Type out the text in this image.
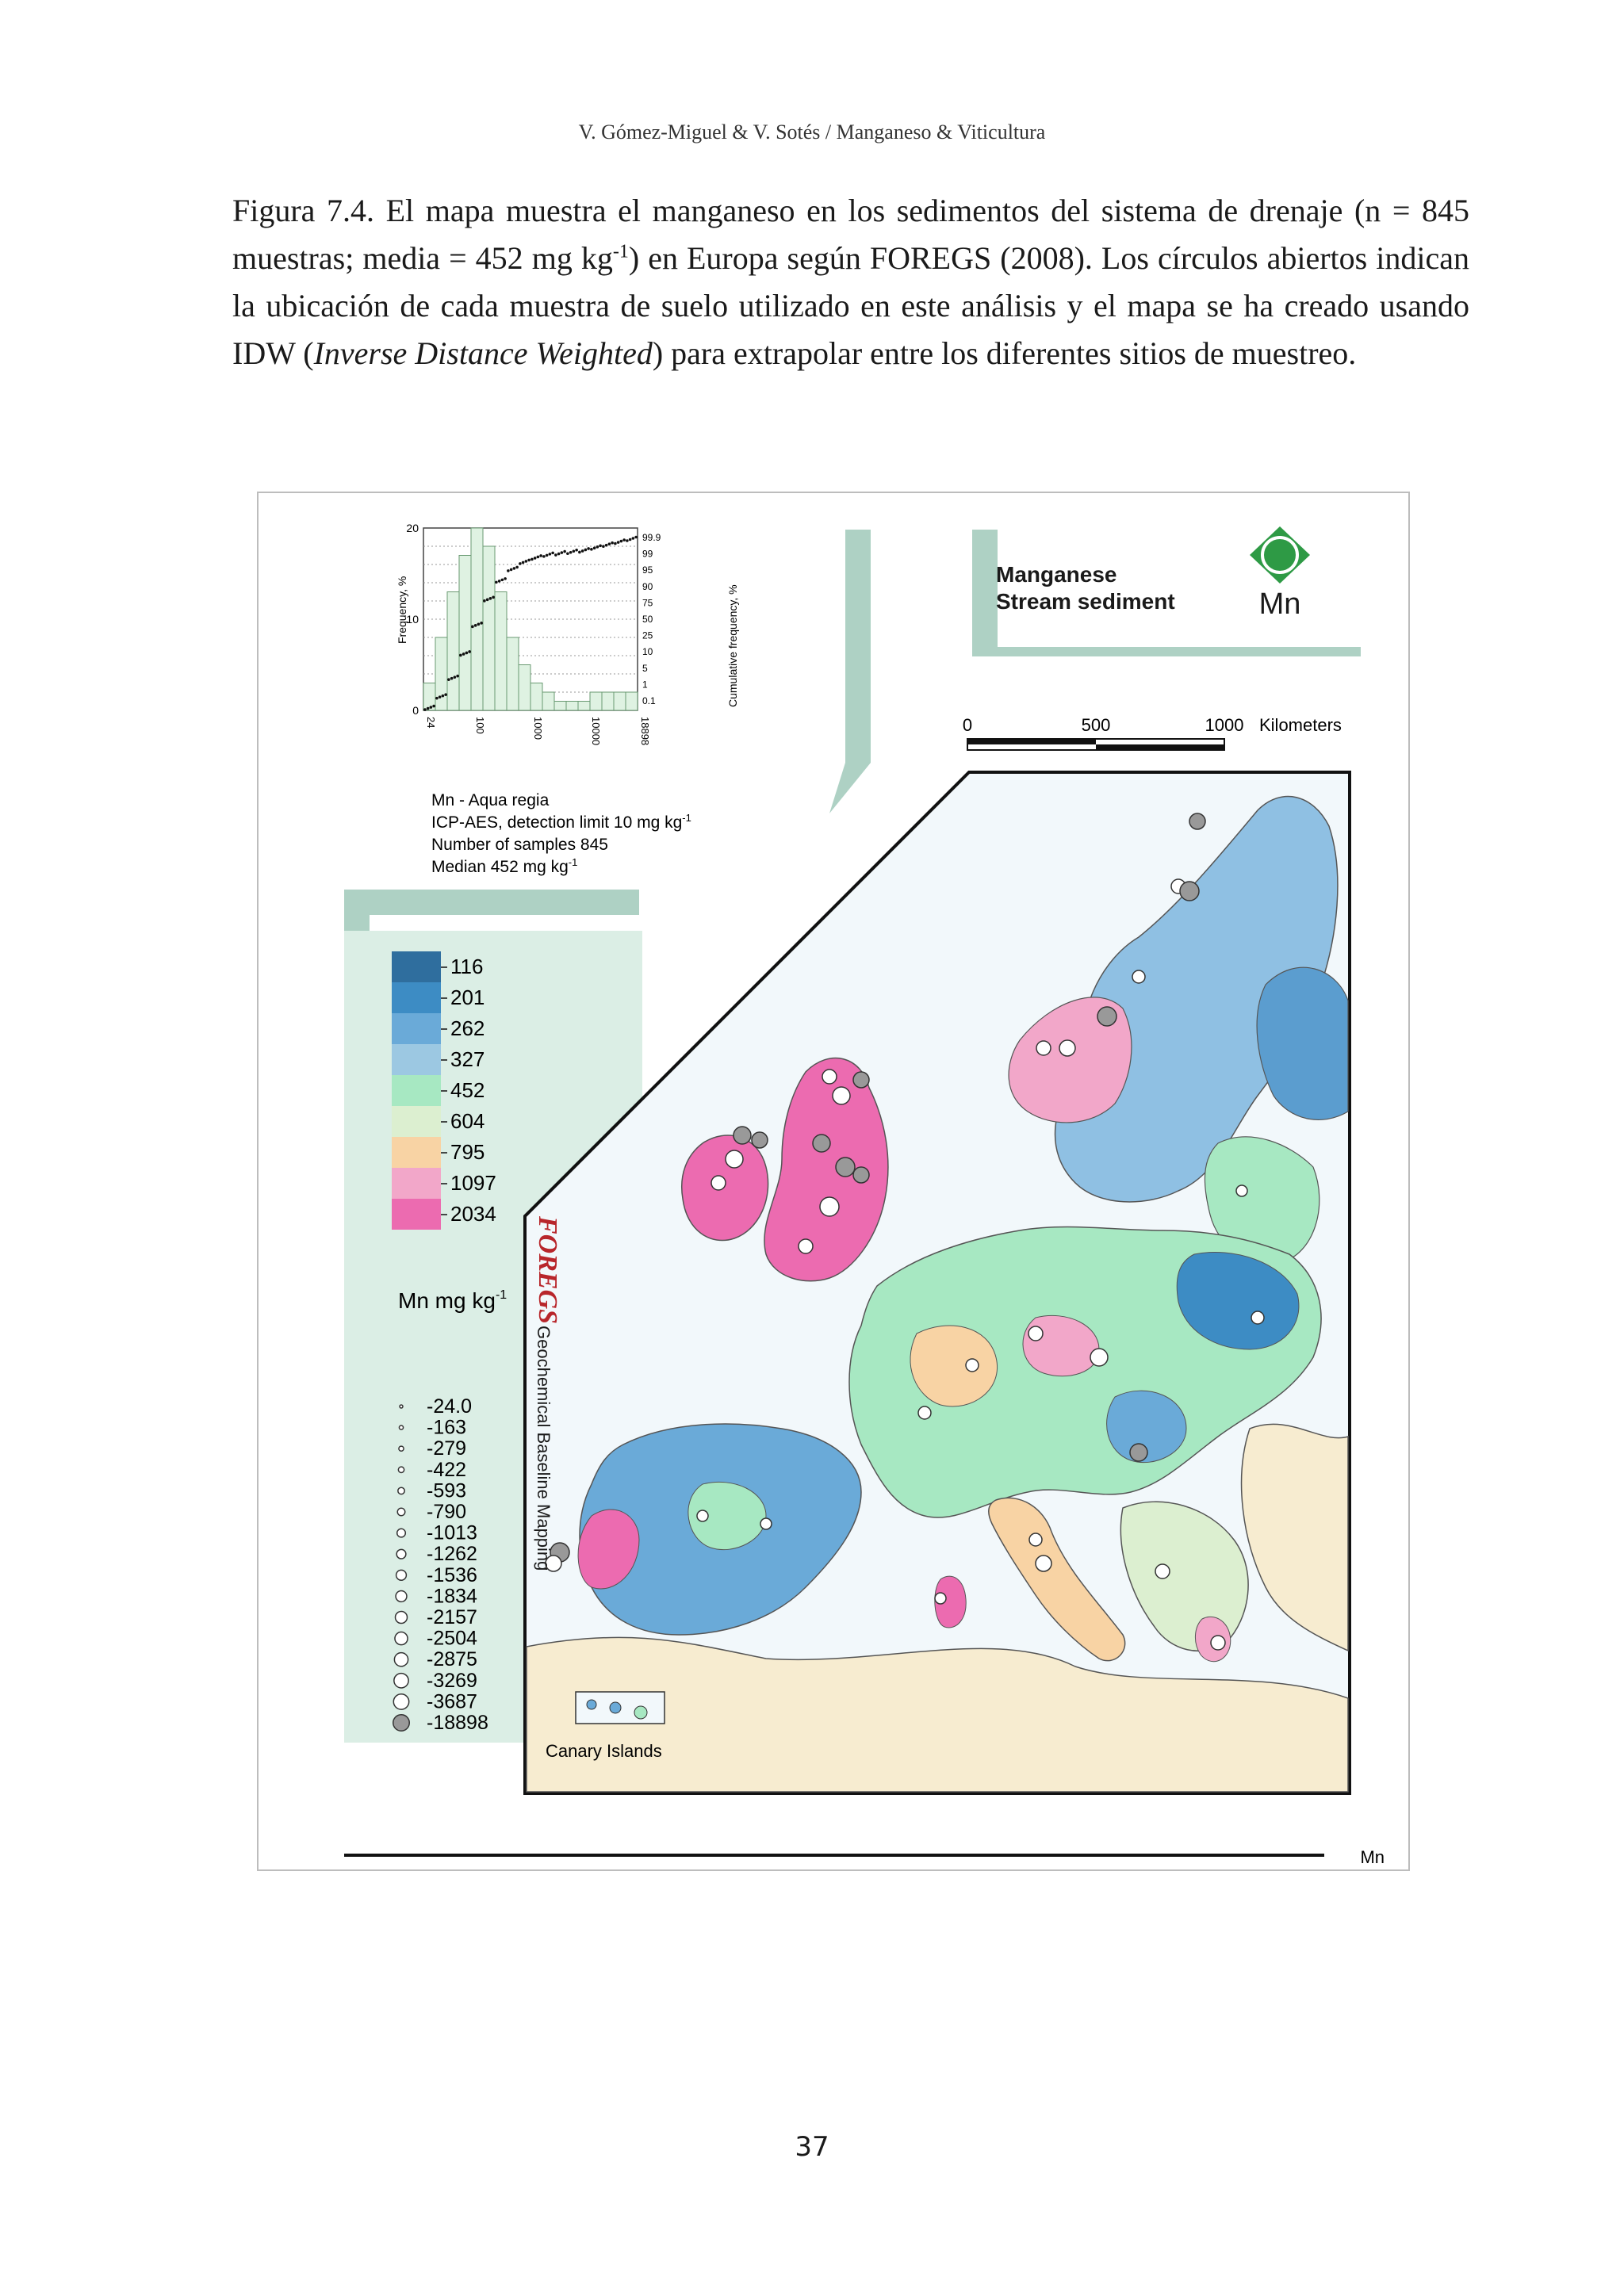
V. Gómez-Miguel & V. Sotés / Manganeso & Viticultura
Figura 7.4. El mapa muestra el manganeso en los sedimentos del sistema de drenaje (n = 845 muestras; media = 452 mg $kg^{-1}$) en Europa según FOREGS (2008). Los círculos abiertos indican la ubicación de cada muestra de suelo utilizado en este análisis y el mapa se ha creado usando IDW (Inverse Distance Weighted) para extrapolar entre los diferentes sitios de muestreo.
Manganese
Stream sediment	Mn
0	500	1000 Kilometers
0
10
20
0.1
1
5
10
25
50
75
90
95
99
99.9
24	100	1000	10000	18898
Frequency, %	Cumulative frequency, %
Mn - Aqua regia
ICP-AES, detection limit 10 mg $kg^{-1}$
Number of samples 845
Median 452 mg $kg^{-1}$
Canary Islands
116
201
262
327
452
604
795
1097
2034
Mn mg $kg^{-1}$
-24.0
-163
-279
-422
-593
-790
-1013
-1262
-1536
-1834
-2157
-2504
-2875
-3269
-3687
-18898
FOREGS
Geochemical Baseline Mapping
Mn
37
